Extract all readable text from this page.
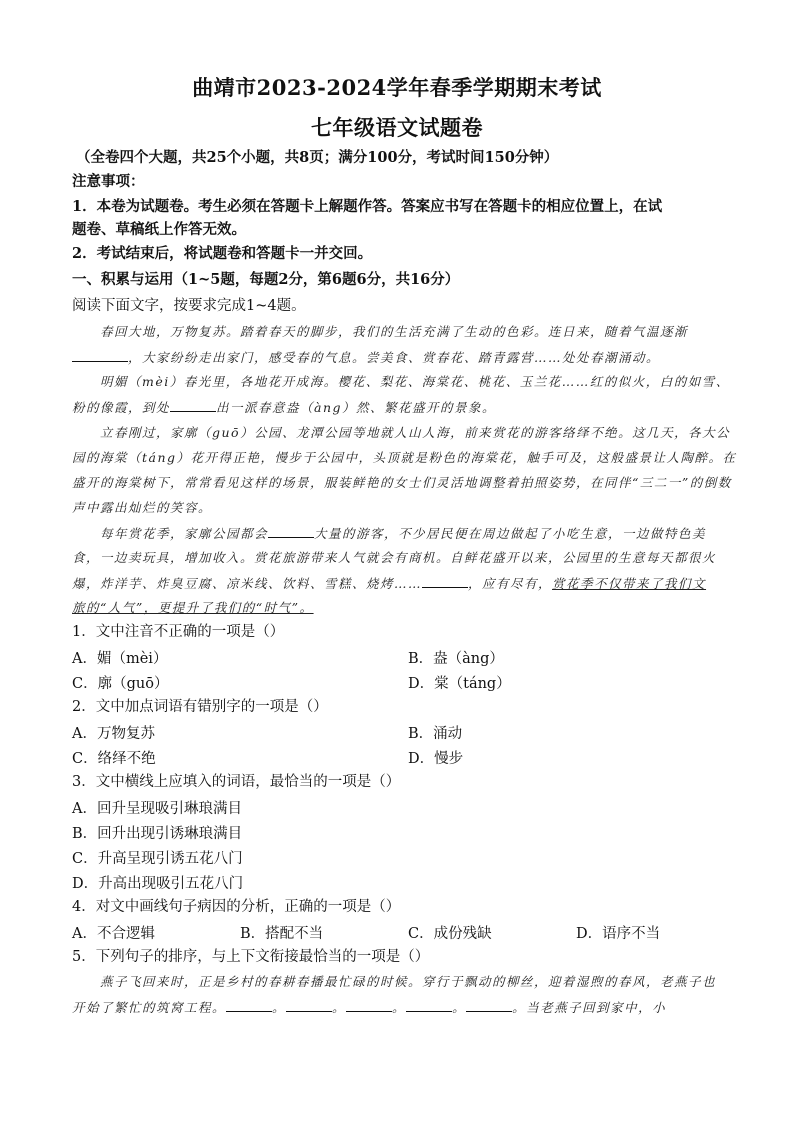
曲靖市2023-2024学年春季学期期末考试
七年级语文试题卷
（全卷四个大题，共25个小题，共8页；满分100分，考试时间150分钟）
注意事项：
1．本卷为试题卷。考生必须在答题卡上解题作答。答案应书写在答题卡的相应位置上，在试
题卷、草稿纸上作答无效。
2．考试结束后，将试题卷和答题卡一并交回。
一、积累与运用（1~5题，每题2分，第6题6分，共16分）
阅读下面文字，按要求完成1~4题。
春回大地，万物复苏。踏着春天的脚步，我们的生活充满了生动的色彩。连日来，随着气温逐渐
，大家纷纷走出家门，感受春的气息。尝美食、赏春花、踏青露营……处处春潮涌动。
明媚（mèi）春光里，各地花开成海。樱花、梨花、海棠花、桃花、玉兰花……红的似火，白的如雪、
粉的像霞，到处	出一派春意盎（àng）然、繁花盛开的景象。
立春刚过，家廓（guō）公园、龙潭公园等地就人山人海，前来赏花的游客络绎不绝。这几天，各大公
园的海棠（táng）花开得正艳，慢步于公园中，头顶就是粉色的海棠花，触手可及，这般盛景让人陶醉。在
盛开的海棠树下，常常看见这样的场景，服装鲜艳的女士们灵活地调整着拍照姿势，在同伴“三二一”的倒数
声中露出灿烂的笑容。
每年赏花季，家廓公园都会	大量的游客，不少居民便在周边做起了小吃生意，一边做特色美
食，一边卖玩具，增加收入。赏花旅游带来人气就会有商机。自鲜花盛开以来，公园里的生意每天都很火
爆，炸洋芋、炸臭豆腐、凉米线、饮料、雪糕、烧烤……	，应有尽有，赏花季不仅带来了我们文
旅的“人气”，更提升了我们的“时气”。
1．文中注音不正确的一项是（）
A．媚（mèi）	B．盎（àng）
C．廓（guō）	D．棠（táng）
2．文中加点词语有错别字的一项是（）
A．万物复苏	B．涌动
C．络绎不绝	D．慢步
3．文中横线上应填入的词语，最恰当的一项是（）
A．回升呈现吸引琳琅满目
B．回升出现引诱琳琅满目
C．升高呈现引诱五花八门
D．升高出现吸引五花八门
4．对文中画线句子病因的分析，正确的一项是（）
A．不合逻辑	B．搭配不当	C．成份残缺	D．语序不当
5．下列句子的排序，与上下文衔接最恰当的一项是（）
燕子飞回来时，正是乡村的春耕春播最忙碌的时候。穿行于飘动的柳丝，迎着湿煦的春风，老燕子也
开始了繁忙的筑窝工程。	。	。	。	。	。当老燕子回到家中，小
